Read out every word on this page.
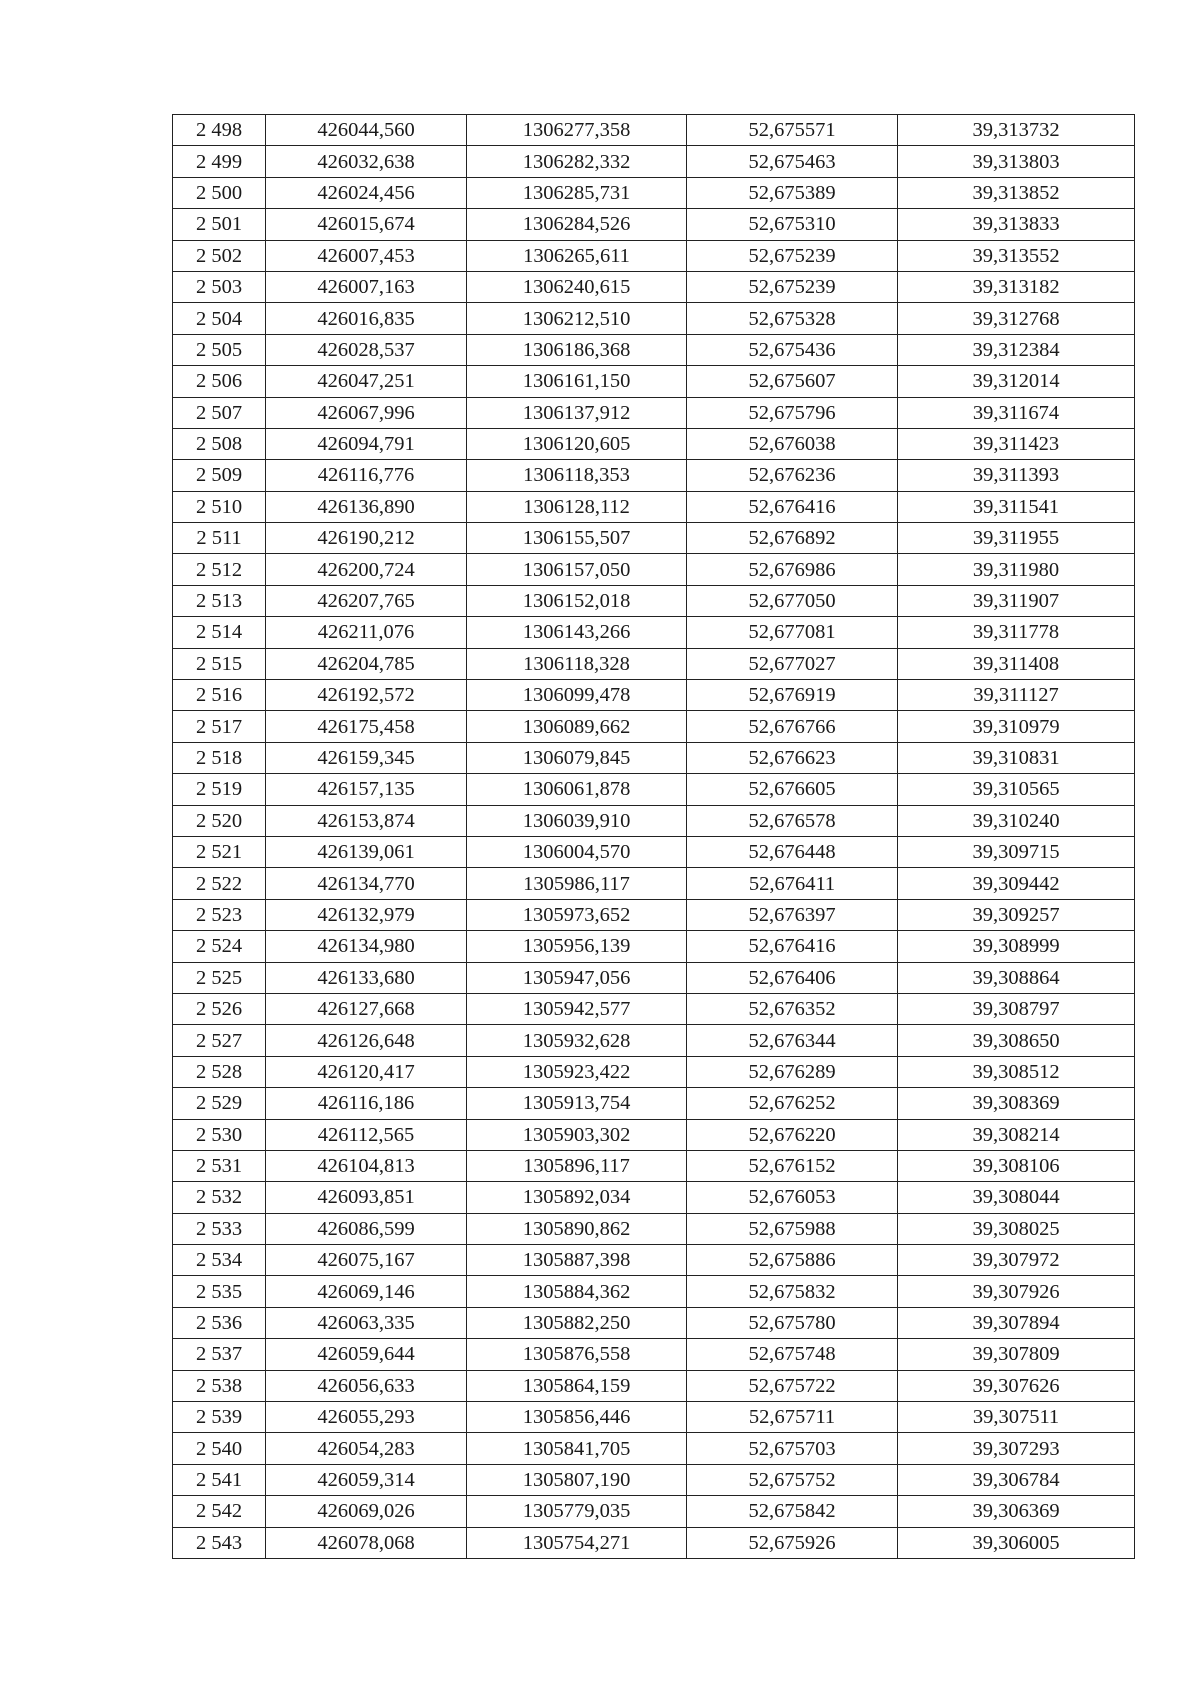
2 498	426044,560	1306277,358	52,675571	39,313732
2 499	426032,638	1306282,332	52,675463	39,313803
2 500	426024,456	1306285,731	52,675389	39,313852
2 501	426015,674	1306284,526	52,675310	39,313833
2 502	426007,453	1306265,611	52,675239	39,313552
2 503	426007,163	1306240,615	52,675239	39,313182
2 504	426016,835	1306212,510	52,675328	39,312768
2 505	426028,537	1306186,368	52,675436	39,312384
2 506	426047,251	1306161,150	52,675607	39,312014
2 507	426067,996	1306137,912	52,675796	39,311674
2 508	426094,791	1306120,605	52,676038	39,311423
2 509	426116,776	1306118,353	52,676236	39,311393
2 510	426136,890	1306128,112	52,676416	39,311541
2 511	426190,212	1306155,507	52,676892	39,311955
2 512	426200,724	1306157,050	52,676986	39,311980
2 513	426207,765	1306152,018	52,677050	39,311907
2 514	426211,076	1306143,266	52,677081	39,311778
2 515	426204,785	1306118,328	52,677027	39,311408
2 516	426192,572	1306099,478	52,676919	39,311127
2 517	426175,458	1306089,662	52,676766	39,310979
2 518	426159,345	1306079,845	52,676623	39,310831
2 519	426157,135	1306061,878	52,676605	39,310565
2 520	426153,874	1306039,910	52,676578	39,310240
2 521	426139,061	1306004,570	52,676448	39,309715
2 522	426134,770	1305986,117	52,676411	39,309442
2 523	426132,979	1305973,652	52,676397	39,309257
2 524	426134,980	1305956,139	52,676416	39,308999
2 525	426133,680	1305947,056	52,676406	39,308864
2 526	426127,668	1305942,577	52,676352	39,308797
2 527	426126,648	1305932,628	52,676344	39,308650
2 528	426120,417	1305923,422	52,676289	39,308512
2 529	426116,186	1305913,754	52,676252	39,308369
2 530	426112,565	1305903,302	52,676220	39,308214
2 531	426104,813	1305896,117	52,676152	39,308106
2 532	426093,851	1305892,034	52,676053	39,308044
2 533	426086,599	1305890,862	52,675988	39,308025
2 534	426075,167	1305887,398	52,675886	39,307972
2 535	426069,146	1305884,362	52,675832	39,307926
2 536	426063,335	1305882,250	52,675780	39,307894
2 537	426059,644	1305876,558	52,675748	39,307809
2 538	426056,633	1305864,159	52,675722	39,307626
2 539	426055,293	1305856,446	52,675711	39,307511
2 540	426054,283	1305841,705	52,675703	39,307293
2 541	426059,314	1305807,190	52,675752	39,306784
2 542	426069,026	1305779,035	52,675842	39,306369
2 543	426078,068	1305754,271	52,675926	39,306005
